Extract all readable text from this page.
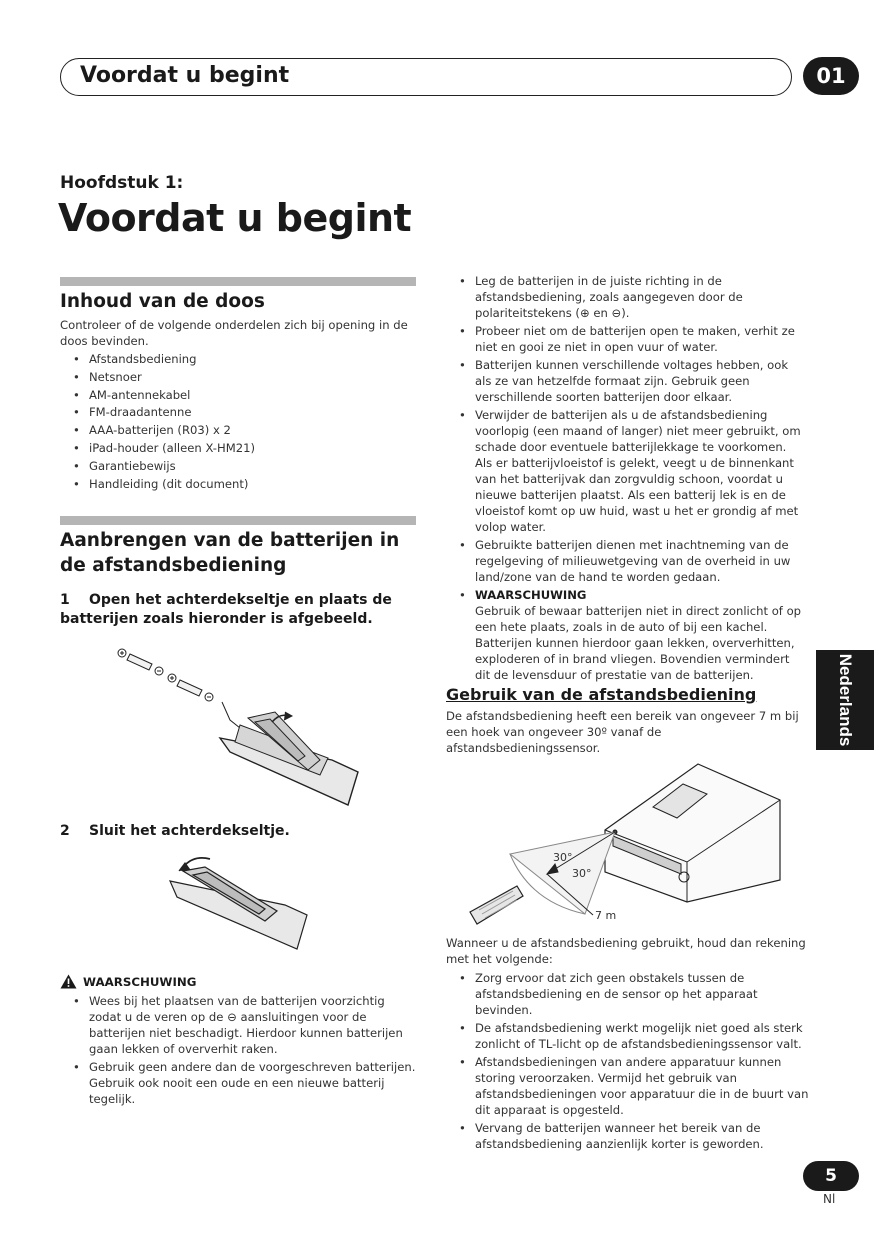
Voordat u begint	01
Hoofdstuk 1:
Voordat u begint
Inhoud van de doos
Controleer of de volgende onderdelen zich bij opening in de doos bevinden.
• Afstandsbediening
• Netsnoer
• AM-antennekabel
• FM-draadantenne
• AAA-batterijen (R03) x 2
• iPad-houder (alleen X-HM21)
• Garantiebewijs
• Handleiding (dit document)
Aanbrengen van de batterijen in de afstandsbediening
1 Open het achterdekseltje en plaats de batterijen zoals hieronder is afgebeeld.
2 Sluit het achterdekseltje.
WAARSCHUWING
• Wees bij het plaatsen van de batterijen voorzichtig zodat u de veren op de ⊖ aansluitingen voor de batterijen niet beschadigt. Hierdoor kunnen batterijen gaan lekken of oververhit raken.
• Gebruik geen andere dan de voorgeschreven batterijen. Gebruik ook nooit een oude en een nieuwe batterij tegelijk.
• Leg de batterijen in de juiste richting in de afstandsbediening, zoals aangegeven door de polariteitstekens (⊕ en ⊖).
• Probeer niet om de batterijen open te maken, verhit ze niet en gooi ze niet in open vuur of water.
• Batterijen kunnen verschillende voltages hebben, ook als ze van hetzelfde formaat zijn. Gebruik geen verschillende soorten batterijen door elkaar.
• Verwijder de batterijen als u de afstandsbediening voorlopig (een maand of langer) niet meer gebruikt, om schade door eventuele batterijlekkage te voorkomen. Als er batterijvloeistof is gelekt, veegt u de binnenkant van het batterijvak dan zorgvuldig schoon, voordat u nieuwe batterijen plaatst. Als een batterij lek is en de vloeistof komt op uw huid, wast u het er grondig af met volop water.
• Gebruikte batterijen dienen met inachtneming van de regelgeving of milieuwetgeving van de overheid in uw land/zone van de hand te worden gedaan.
• WAARSCHUWING
Gebruik of bewaar batterijen niet in direct zonlicht of op een hete plaats, zoals in de auto of bij een kachel. Batterijen kunnen hierdoor gaan lekken, oververhitten, exploderen of in brand vliegen. Bovendien vermindert dit de levensduur of prestatie van de batterijen.
Gebruik van de afstandsbediening
De afstandsbediening heeft een bereik van ongeveer 7 m bij een hoek van ongeveer 30º vanaf de afstandsbedieningssensor.
30°
30°
7 m
Wanneer u de afstandsbediening gebruikt, houd dan rekening met het volgende:
• Zorg ervoor dat zich geen obstakels tussen de afstandsbediening en de sensor op het apparaat bevinden.
• De afstandsbediening werkt mogelijk niet goed als sterk zonlicht of TL-licht op de afstandsbedieningssensor valt.
• Afstandsbedieningen van andere apparatuur kunnen storing veroorzaken. Vermijd het gebruik van afstandsbedieningen voor apparatuur die in de buurt van dit apparaat is opgesteld.
• Vervang de batterijen wanneer het bereik van de afstandsbediening aanzienlijk korter is geworden.
Nederlands
5
Nl
